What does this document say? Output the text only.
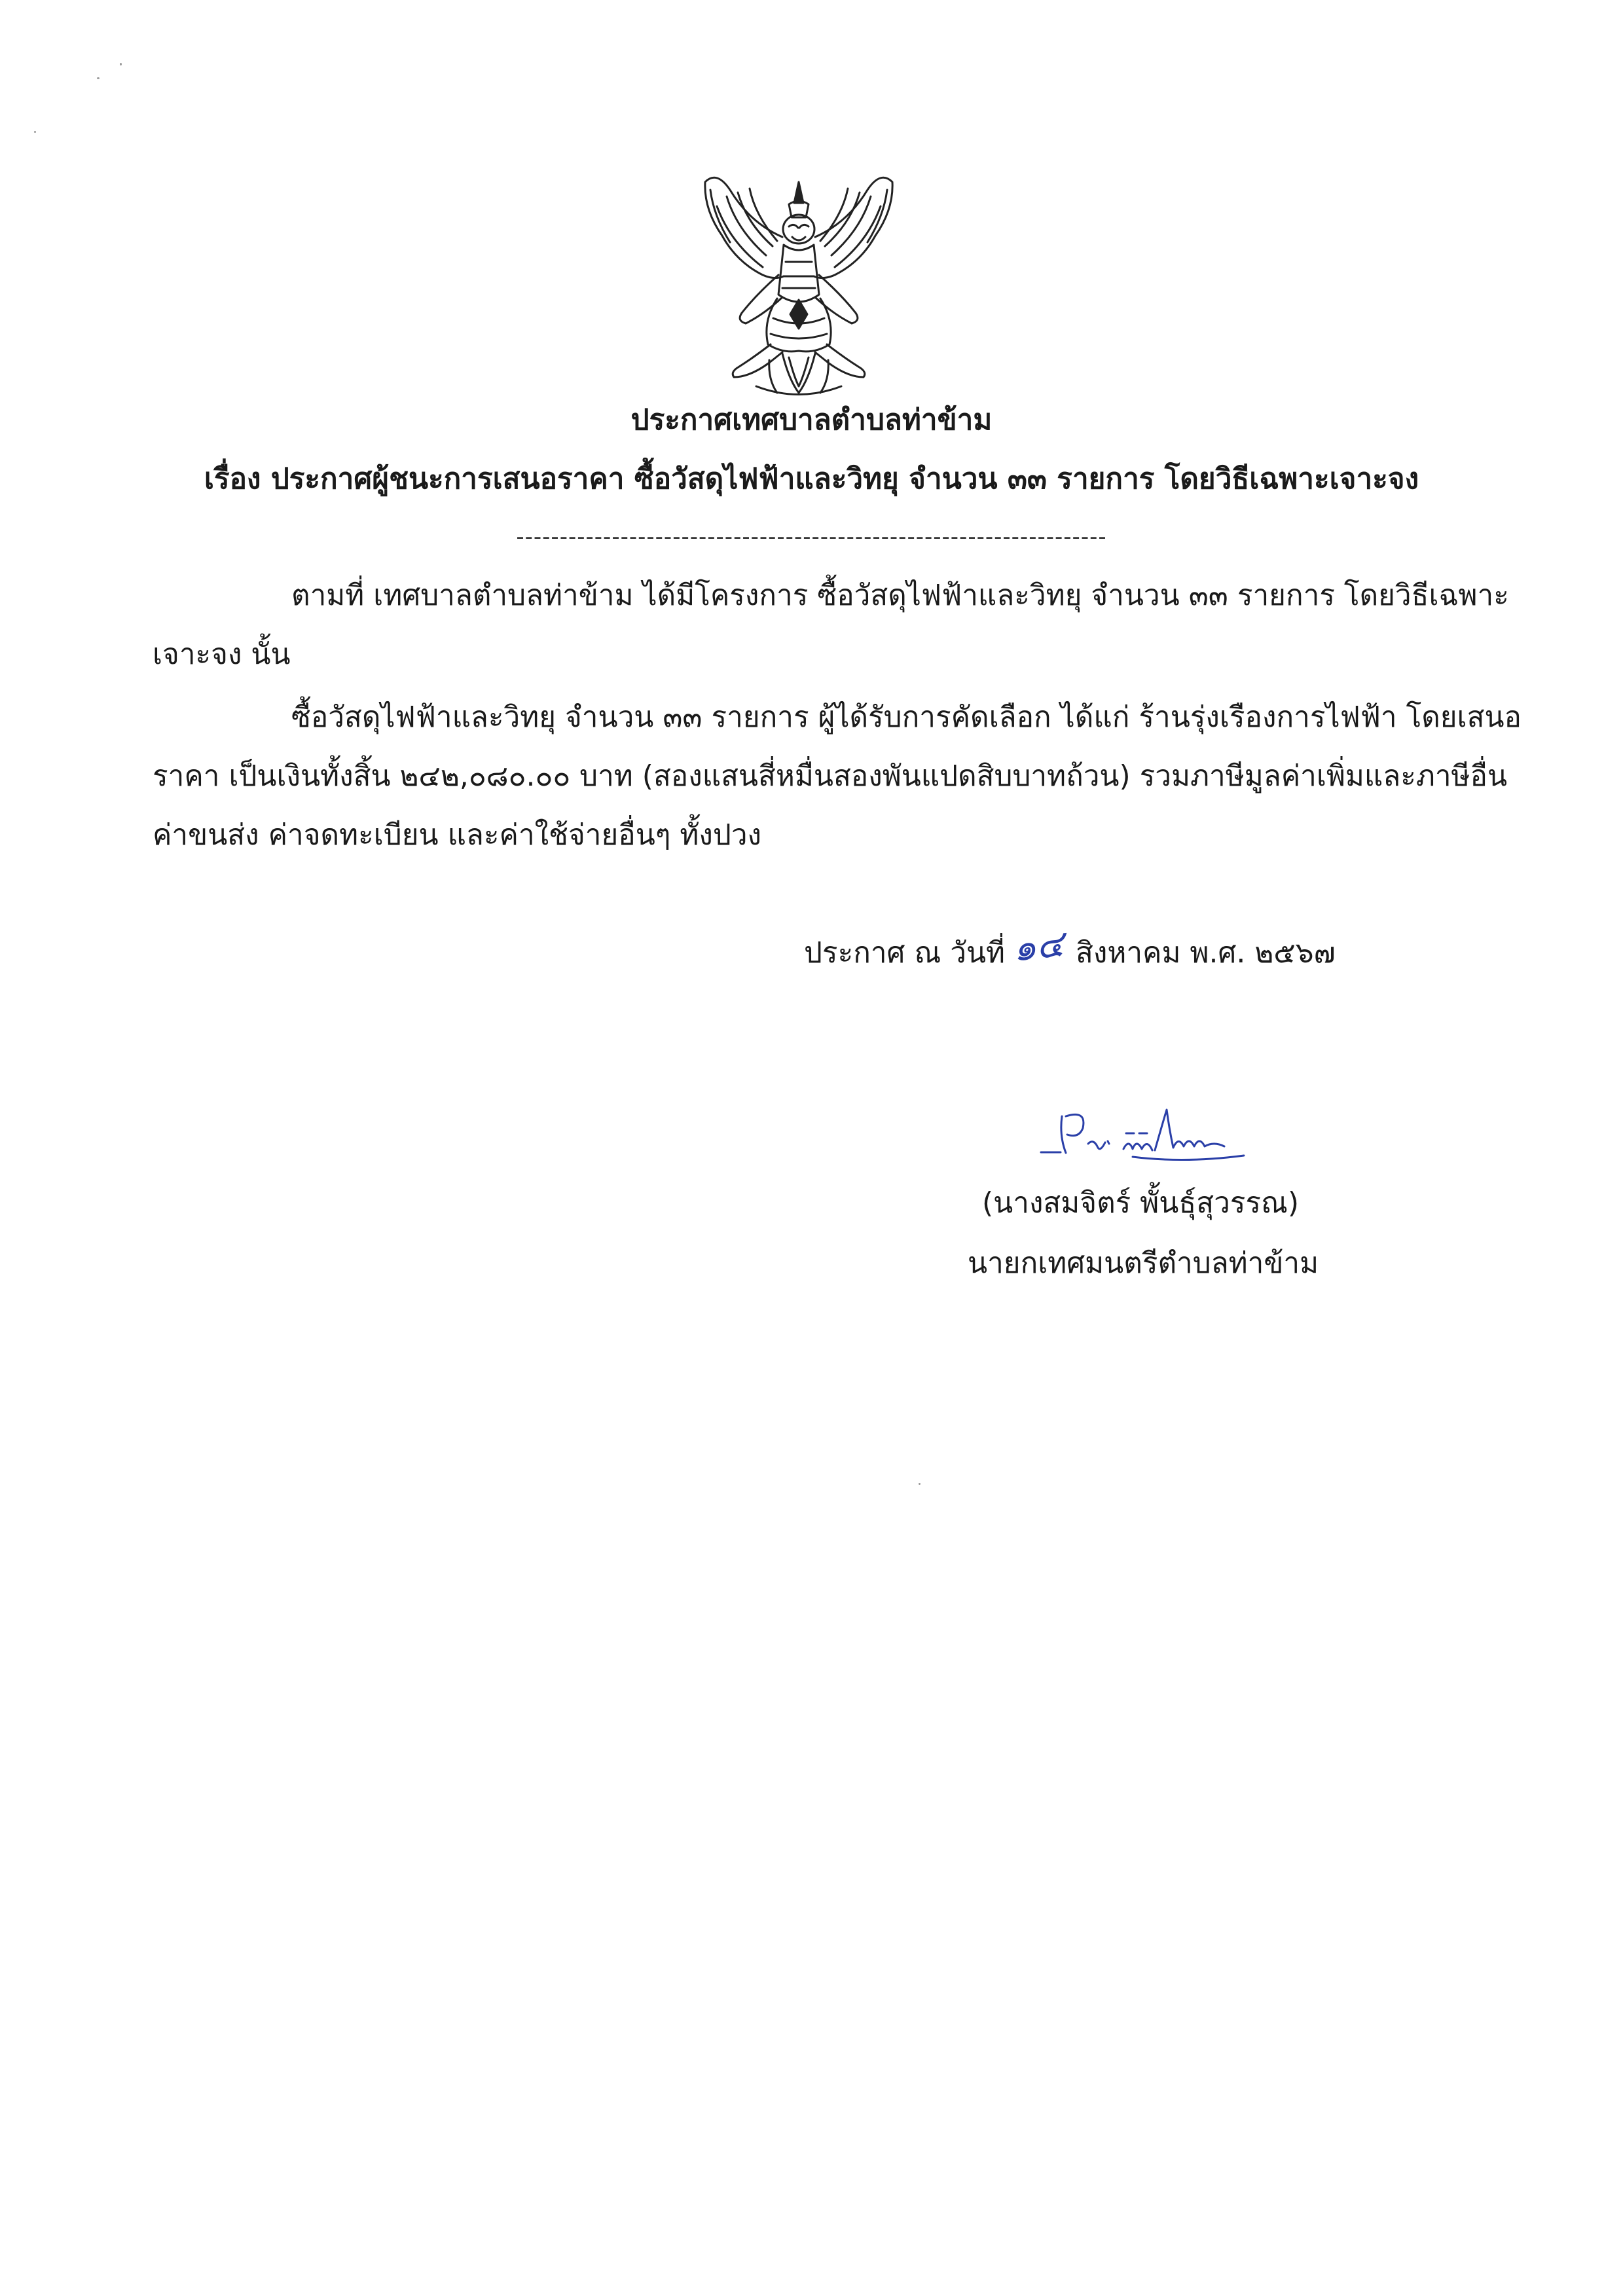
ประกาศเทศบาลตำบลท่าข้าม
เรื่อง ประกาศผู้ชนะการเสนอราคา ซื้อวัสดุไฟฟ้าและวิทยุ จำนวน ๓๓ รายการ โดยวิธีเฉพาะเจาะจง
--------------------------------------------------------------------
ตามที่ เทศบาลตำบลท่าข้าม ได้มีโครงการ ซื้อวัสดุไฟฟ้าและวิทยุ จำนวน ๓๓ รายการ โดยวิธีเฉพาะ
เจาะจง นั้น
ซื้อวัสดุไฟฟ้าและวิทยุ จำนวน ๓๓ รายการ ผู้ได้รับการคัดเลือก ได้แก่ ร้านรุ่งเรืองการไฟฟ้า โดยเสนอ
ราคา เป็นเงินทั้งสิ้น ๒๔๒,๐๘๐.๐๐ บาท (สองแสนสี่หมื่นสองพันแปดสิบบาทถ้วน) รวมภาษีมูลค่าเพิ่มและภาษีอื่น
ค่าขนส่ง ค่าจดทะเบียน และค่าใช้จ่ายอื่นๆ ทั้งปวง
ประกาศ ณ วันที่ ๑๔ สิงหาคม พ.ศ. ๒๕๖๗
(นางสมจิตร์ พั้นธุ์สุวรรณ)
นายกเทศมนตรีตำบลท่าข้าม
